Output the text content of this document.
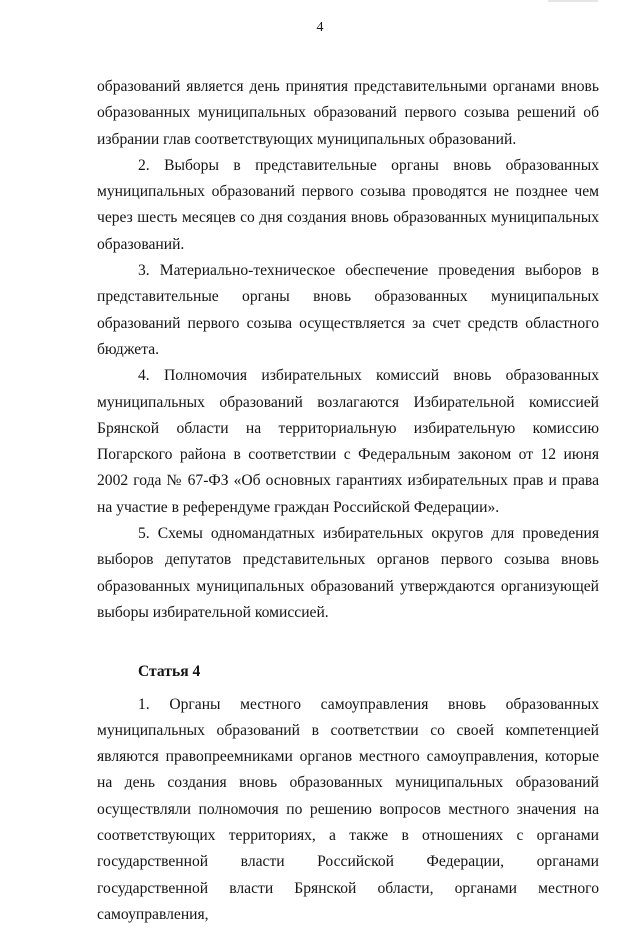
4

образований является день принятия представительными органами вновь образованных муниципальных образований первого созыва решений об избрании глав соответствующих муниципальных образований.

2. Выборы в представительные органы вновь образованных муниципальных образований первого созыва проводятся не позднее чем через шесть месяцев со дня создания вновь образованных муниципальных образований.

3. Материально-техническое обеспечение проведения выборов в представительные органы вновь образованных муниципальных образований первого созыва осуществляется за счет средств областного бюджета.

4. Полномочия избирательных комиссий вновь образованных муниципальных образований возлагаются Избирательной комиссией Брянской области на территориальную избирательную комиссию Погарского района в соответствии с Федеральным законом от 12 июня 2002 года № 67-ФЗ «Об основных гарантиях избирательных прав и права на участие в референдуме граждан Российской Федерации».

5. Схемы одномандатных избирательных округов для проведения выборов депутатов представительных органов первого созыва вновь образованных муниципальных образований утверждаются организующей выборы избирательной комиссией.

Статья 4

1. Органы местного самоуправления вновь образованных муниципальных образований в соответствии со своей компетенцией являются правопреемниками органов местного самоуправления, которые на день создания вновь образованных муниципальных образований осуществляли полномочия по решению вопросов местного значения на соответствующих территориях, а также в отношениях с органами государственной власти Российской Федерации, органами государственной власти Брянской области, органами местного самоуправления,
